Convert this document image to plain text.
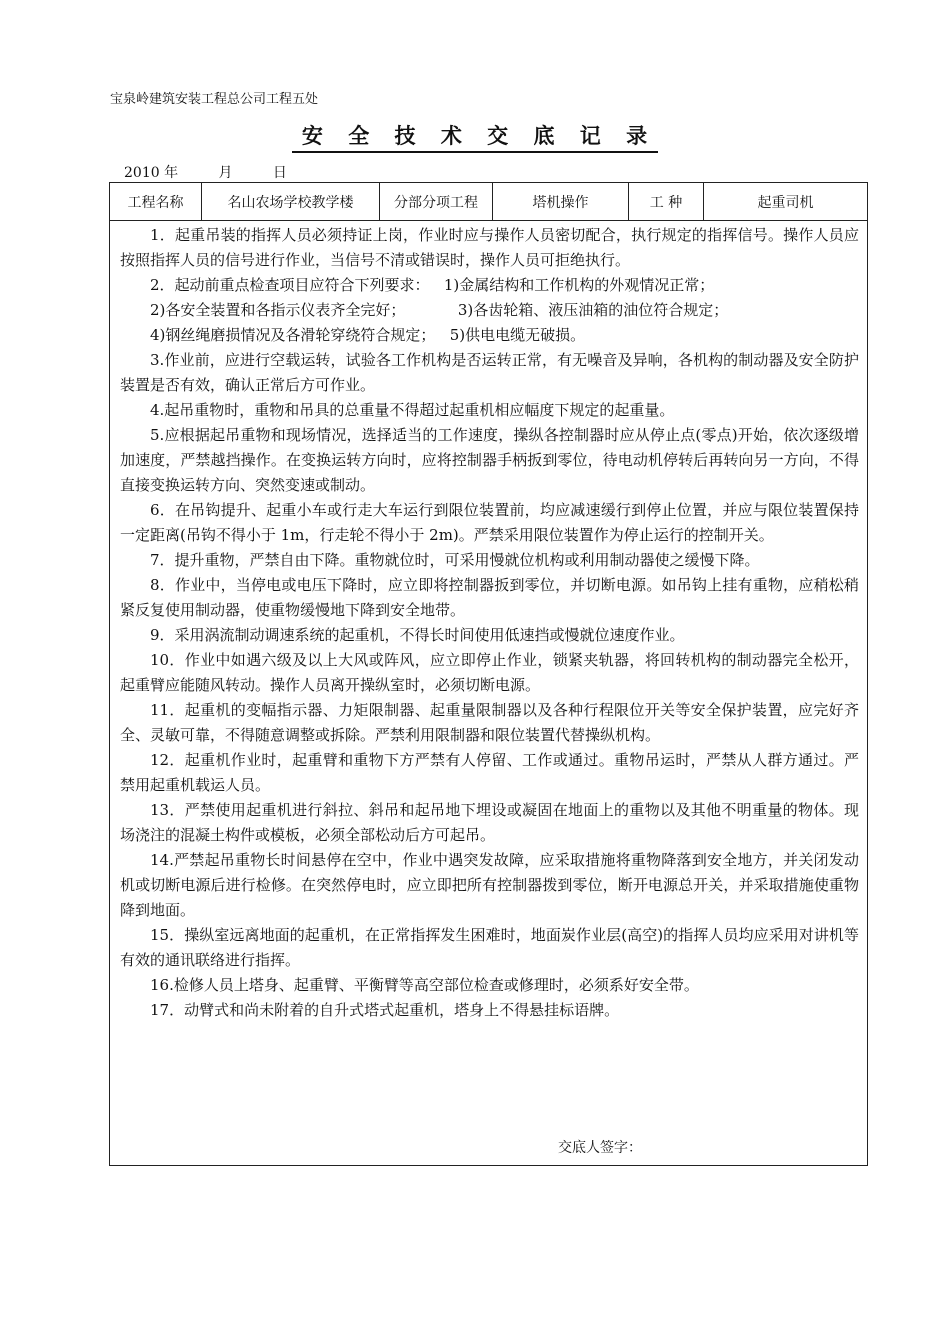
宝泉岭建筑安装工程总公司工程五处
安 全 技 术 交 底 记 录
2010 年	月	日
工程名称	名山农场学校教学楼	分部分项工程	塔机操作	工 种	起重司机

1．起重吊装的指挥人员必须持证上岗，作业时应与操作人员密切配合，执行规定的指挥信号。操作人员应按照指挥人员的信号进行作业，当信号不清或错误时，操作人员可拒绝执行。

2．起动前重点检查项目应符合下列要求：   1)金属结构和工作机构的外观情况正常；

2)各安全装置和各指示仪表齐全完好；           3)各齿轮箱、液压油箱的油位符合规定；

4)钢丝绳磨损情况及各滑轮穿绕符合规定；   5)供电电缆无破损。

3.作业前，应进行空载运转，试验各工作机构是否运转正常，有无噪音及异响，各机构的制动器及安全防护装置是否有效，确认正常后方可作业。

4.起吊重物时，重物和吊具的总重量不得超过起重机相应幅度下规定的起重量。

5.应根据起吊重物和现场情况，选择适当的工作速度，操纵各控制器时应从停止点(零点)开始，依次逐级增加速度，严禁越挡操作。在变换运转方向时，应将控制器手柄扳到零位，待电动机停转后再转向另一方向，不得直接变换运转方向、突然变速或制动。

6．在吊钩提升、起重小车或行走大车运行到限位装置前，均应减速缓行到停止位置，并应与限位装置保持一定距离(吊钩不得小于 1m，行走轮不得小于 2m)。严禁采用限位装置作为停止运行的控制开关。

7．提升重物，严禁自由下降。重物就位时，可采用慢就位机构或利用制动器使之缓慢下降。

8．作业中，当停电或电压下降时，应立即将控制器扳到零位，并切断电源。如吊钩上挂有重物，应稍松稍紧反复使用制动器，使重物缓慢地下降到安全地带。

9．采用涡流制动调速系统的起重机，不得长时间使用低速挡或慢就位速度作业。

10．作业中如遇六级及以上大风或阵风，应立即停止作业，锁紧夹轨器，将回转机构的制动器完全松开，起重臂应能随风转动。操作人员离开操纵室时，必须切断电源。

11．起重机的变幅指示器、力矩限制器、起重量限制器以及各种行程限位开关等安全保护装置，应完好齐全、灵敏可靠，不得随意调整或拆除。严禁利用限制器和限位装置代替操纵机构。

12．起重机作业时，起重臂和重物下方严禁有人停留、工作或通过。重物吊运时，严禁从人群方通过。严禁用起重机载运人员。

13．严禁使用起重机进行斜拉、斜吊和起吊地下埋设或凝固在地面上的重物以及其他不明重量的物体。现场浇注的混凝土构件或模板，必须全部松动后方可起吊。

14.严禁起吊重物长时间悬停在空中，作业中遇突发故障，应采取措施将重物降落到安全地方，并关闭发动机或切断电源后进行检修。在突然停电时，应立即把所有控制器拨到零位，断开电源总开关，并采取措施使重物降到地面。

15．操纵室远离地面的起重机，在正常指挥发生困难时，地面炭作业层(高空)的指挥人员均应采用对讲机等有效的通讯联络进行指挥。

16.检修人员上塔身、起重臂、平衡臂等高空部位检查或修理时，必须系好安全带。

17．动臂式和尚未附着的自升式塔式起重机，塔身上不得悬挂标语牌。

交底人签字：
